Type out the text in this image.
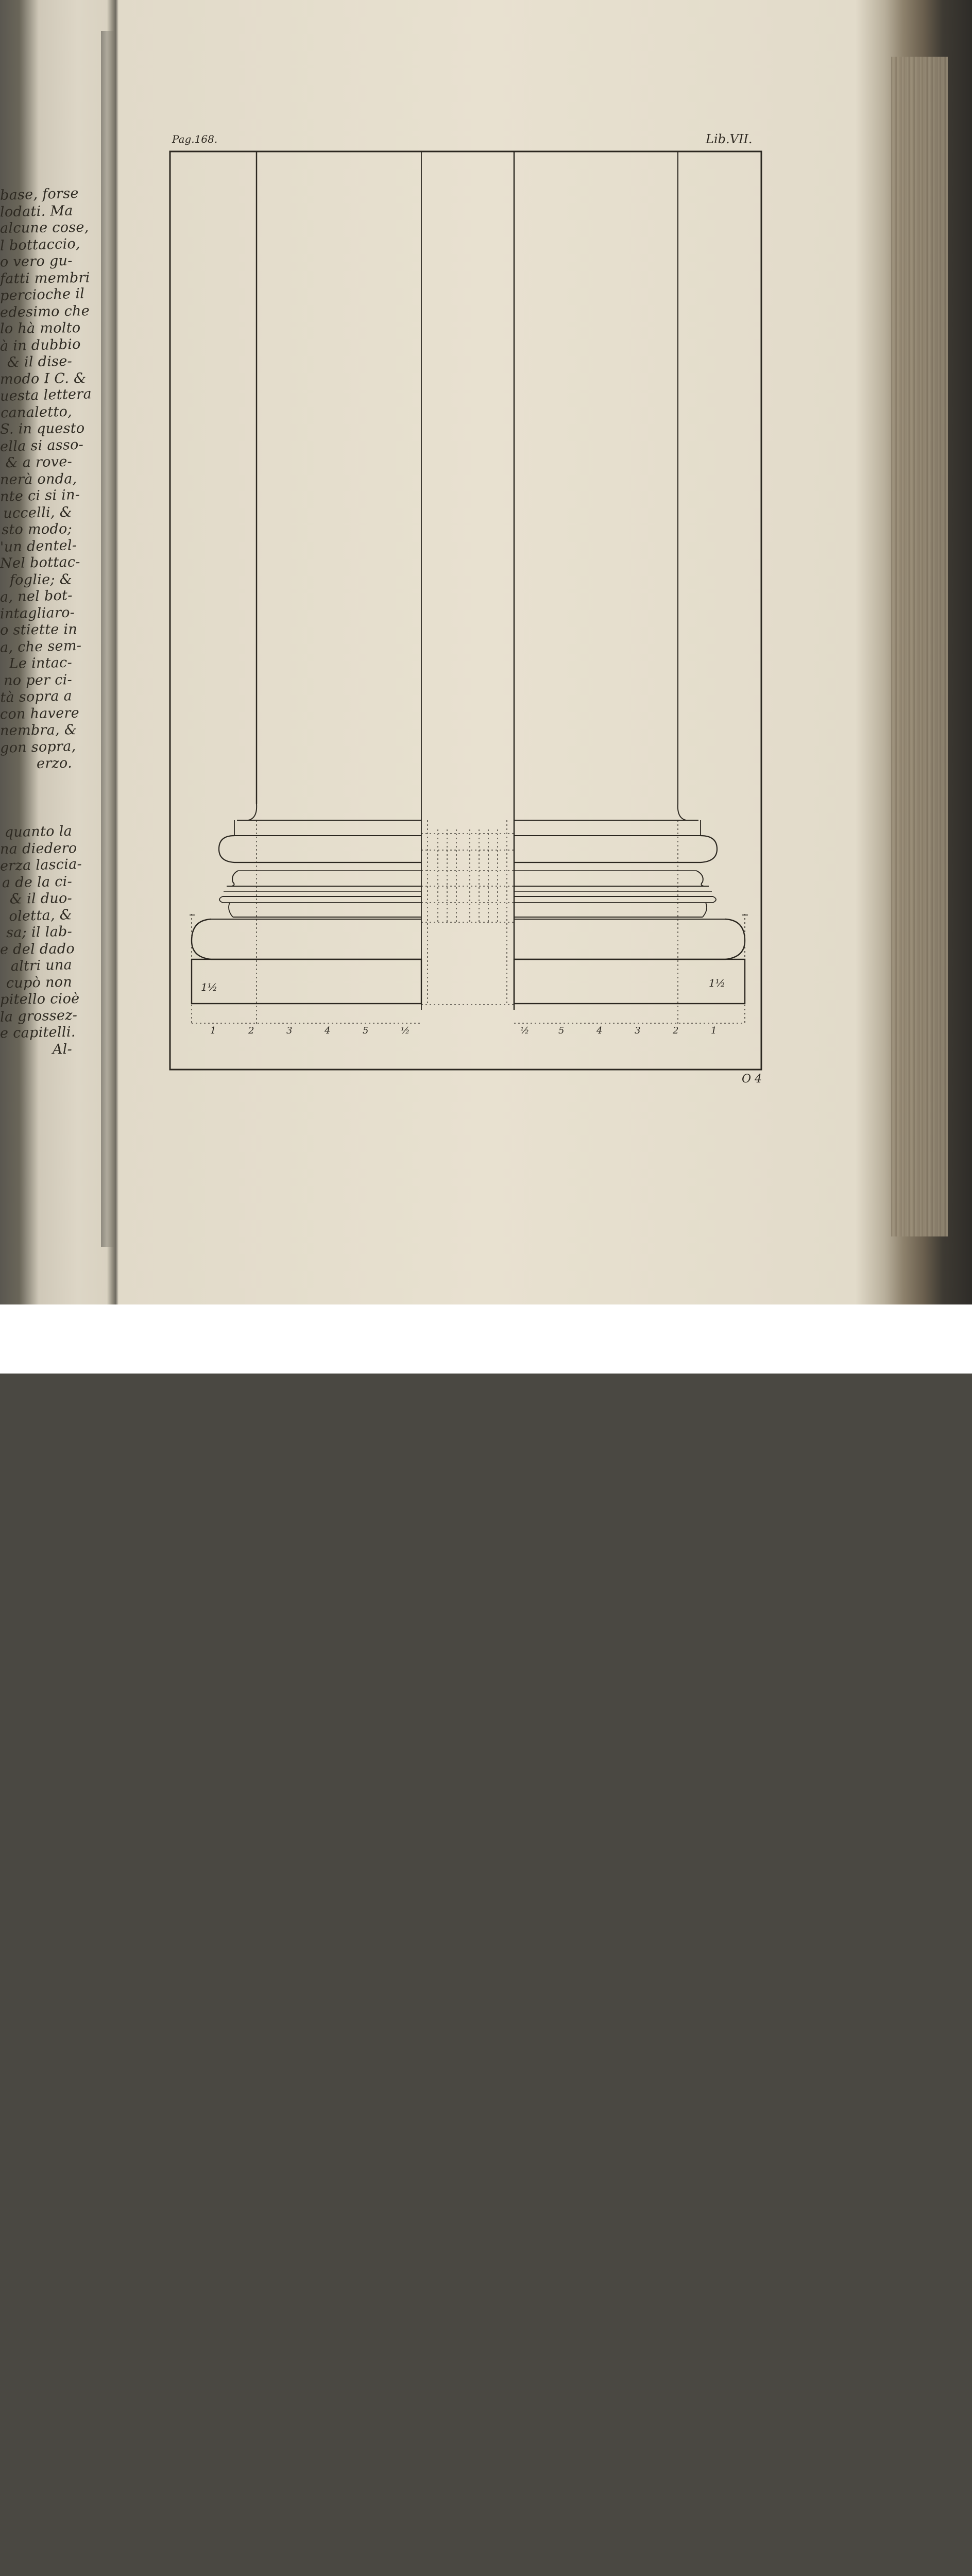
base, forse
lodati. Ma
alcune cose,
l bottaccio,
o vero gu-
fatti membri
percioche il
edesimo che
lo hà molto
à in dubbio
& il dise-
modo I C. &
uesta lettera
canaletto,
S. in questo
ella si asso-
& a rove-
nerà onda,
nte ci si in-
uccelli, &
sto modo;
'un dentel-
Nel bottac-
foglie; &
a, nel bot-
intagliaro-
o stiette in
a, che sem-
Le intac-
no per ci-
tà sopra a
con havere
nembra, &
gon sopra,
erzo.
quanto la
na diedero
erza lascia-
a de la ci-
& il duo-
oletta, &
sa; il lab-
e del dado
altri una
cupò non
pitello cioè
la grossez-
e capitelli.
Al-
Pag.168.	Lib.VII.
1½	1½
1	2	3	4	5	½	½	5	4	3	2	1
O 4
